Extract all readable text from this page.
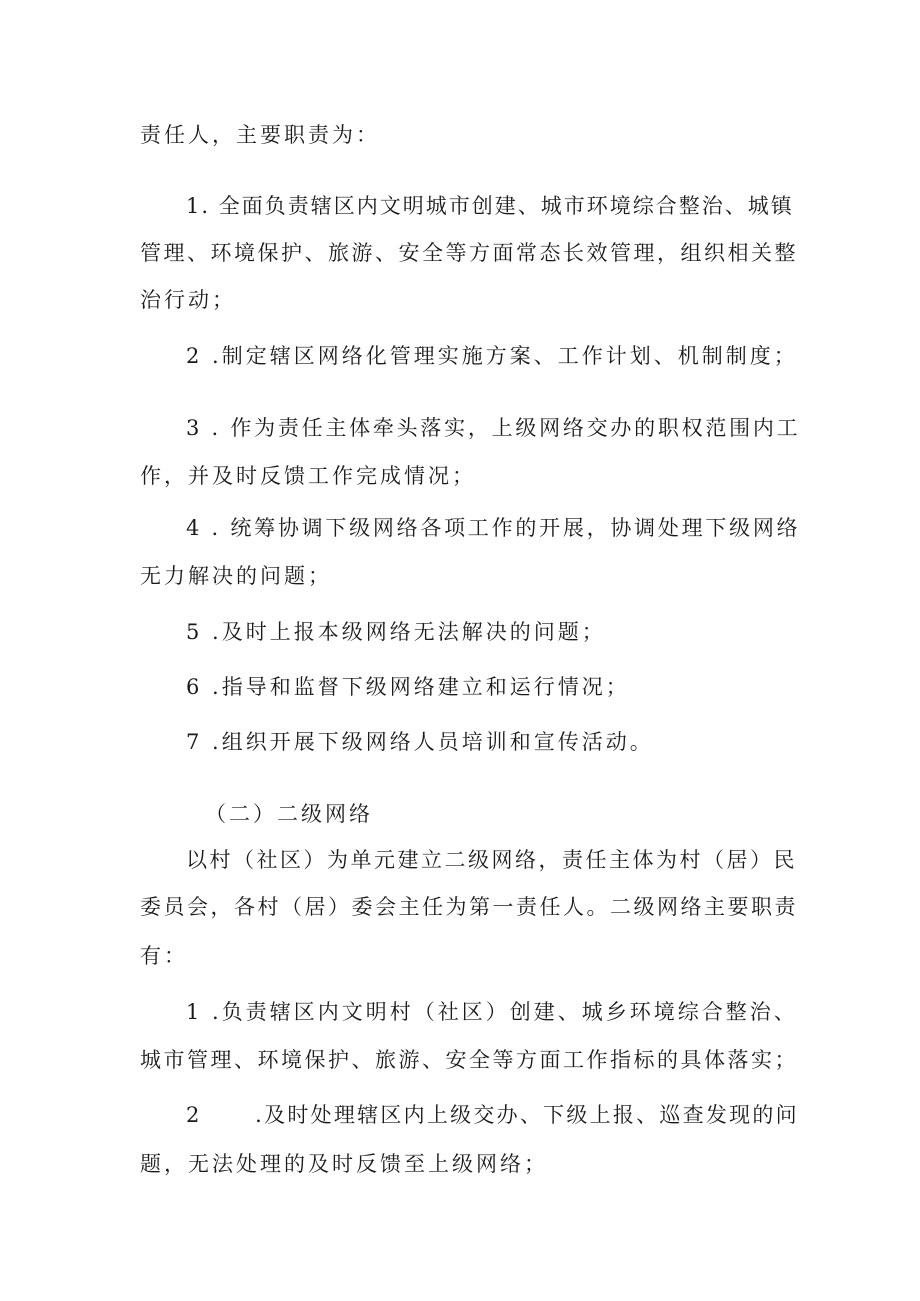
责任人，主要职责为：
1. 全面负责辖区内文明城市创建、城市环境综合整治、城镇
管理、环境保护、旅游、安全等方面常态长效管理，组织相关整
治行动；
2 .制定辖区网络化管理实施方案、工作计划、机制制度；
3 . 作为责任主体牵头落实，上级网络交办的职权范围内工
作，并及时反馈工作完成情况；
4 . 统筹协调下级网络各项工作的开展，协调处理下级网络
无力解决的问题；
5 .及时上报本级网络无法解决的问题；
6 .指导和监督下级网络建立和运行情况；
7 .组织开展下级网络人员培训和宣传活动。
（二）二级网络
以村（社区）为单元建立二级网络，责任主体为村（居）民
委员会，各村（居）委会主任为第一责任人。二级网络主要职责
有：
1 .负责辖区内文明村（社区）创建、城乡环境综合整治、
城市管理、环境保护、旅游、安全等方面工作指标的具体落实；
2      .及时处理辖区内上级交办、下级上报、巡查发现的问
题，无法处理的及时反馈至上级网络；
